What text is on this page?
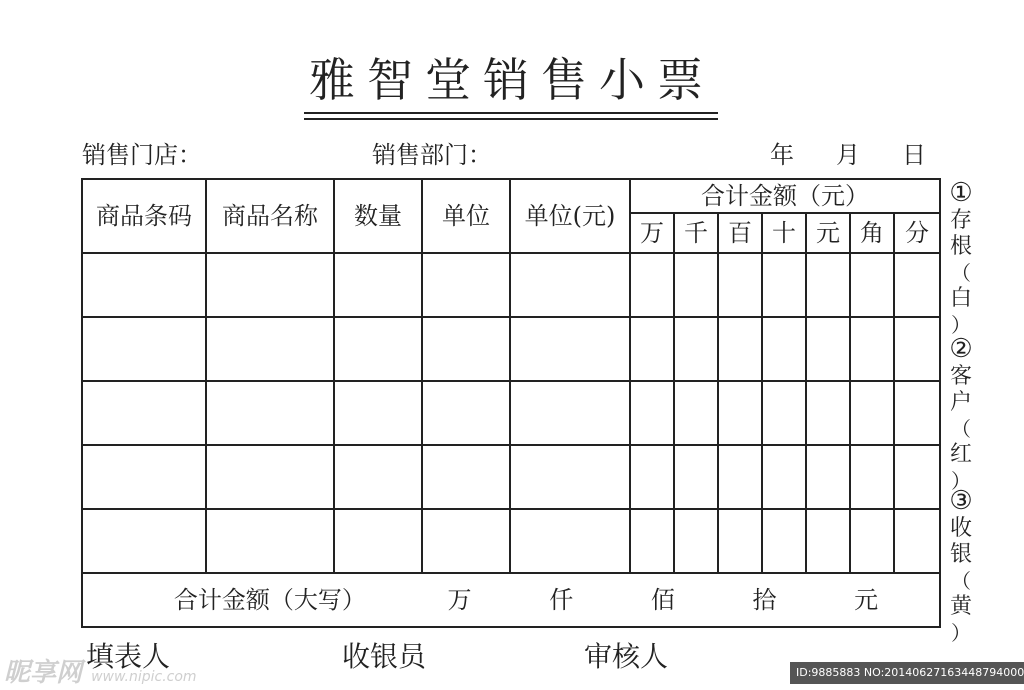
雅智堂销售小票
销售门店：	销售部门：	年 月 日
商品条码	商品名称	数量	单位	单位(元)	合计金额（元）						
					万	千	百	十	元	角	分

合计金额（大写） 万 仟 佰 拾 元											
①
存
根
（
白
）
②
客
户
（
红
）
③
收
银
（
黄
）
填表人	收银员	审核人
昵享网 www.nipic.com	ID:9885883 NO:20140627163448794000
